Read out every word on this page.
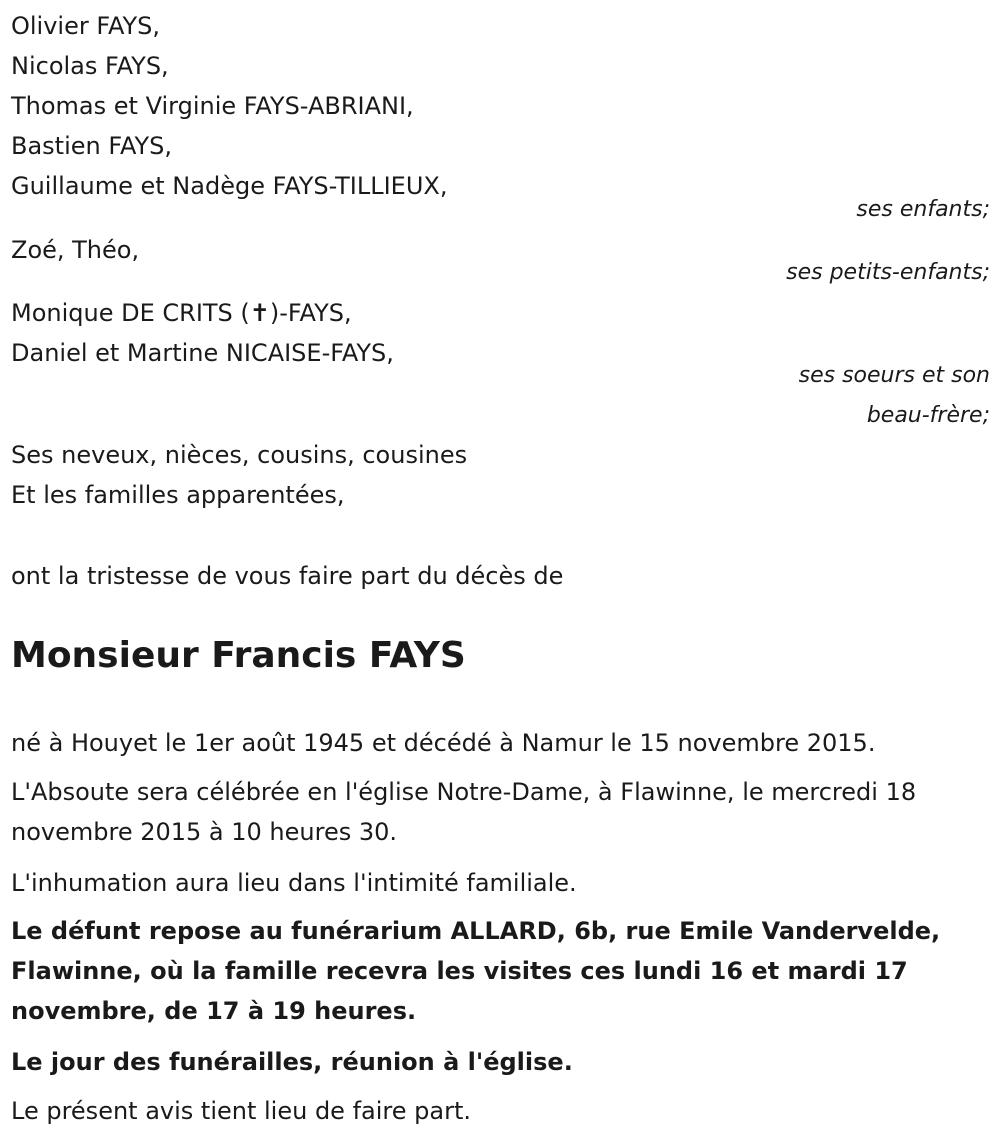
Olivier FAYS,
Nicolas FAYS,
Thomas et Virginie FAYS-ABRIANI,
Bastien FAYS,
Guillaume et Nadège FAYS-TILLIEUX,
ses enfants;
Zoé, Théo,
ses petits-enfants;
Monique DE CRITS (✝)-FAYS,
Daniel et Martine NICAISE-FAYS,
ses soeurs et son
beau-frère;
Ses neveux, nièces, cousins, cousines
Et les familles apparentées,
ont la tristesse de vous faire part du décès de
Monsieur Francis FAYS
né à Houyet le 1er août 1945 et décédé à Namur le 15 novembre 2015.
L'Absoute sera célébrée en l'église Notre-Dame, à Flawinne, le mercredi 18 novembre 2015 à 10 heures 30.
L'inhumation aura lieu dans l'intimité familiale.
Le défunt repose au funérarium ALLARD, 6b, rue Emile Vandervelde, Flawinne, où la famille recevra les visites ces lundi 16 et mardi 17 novembre, de 17 à 19 heures.
Le jour des funérailles, réunion à l'église.
Le présent avis tient lieu de faire part.
